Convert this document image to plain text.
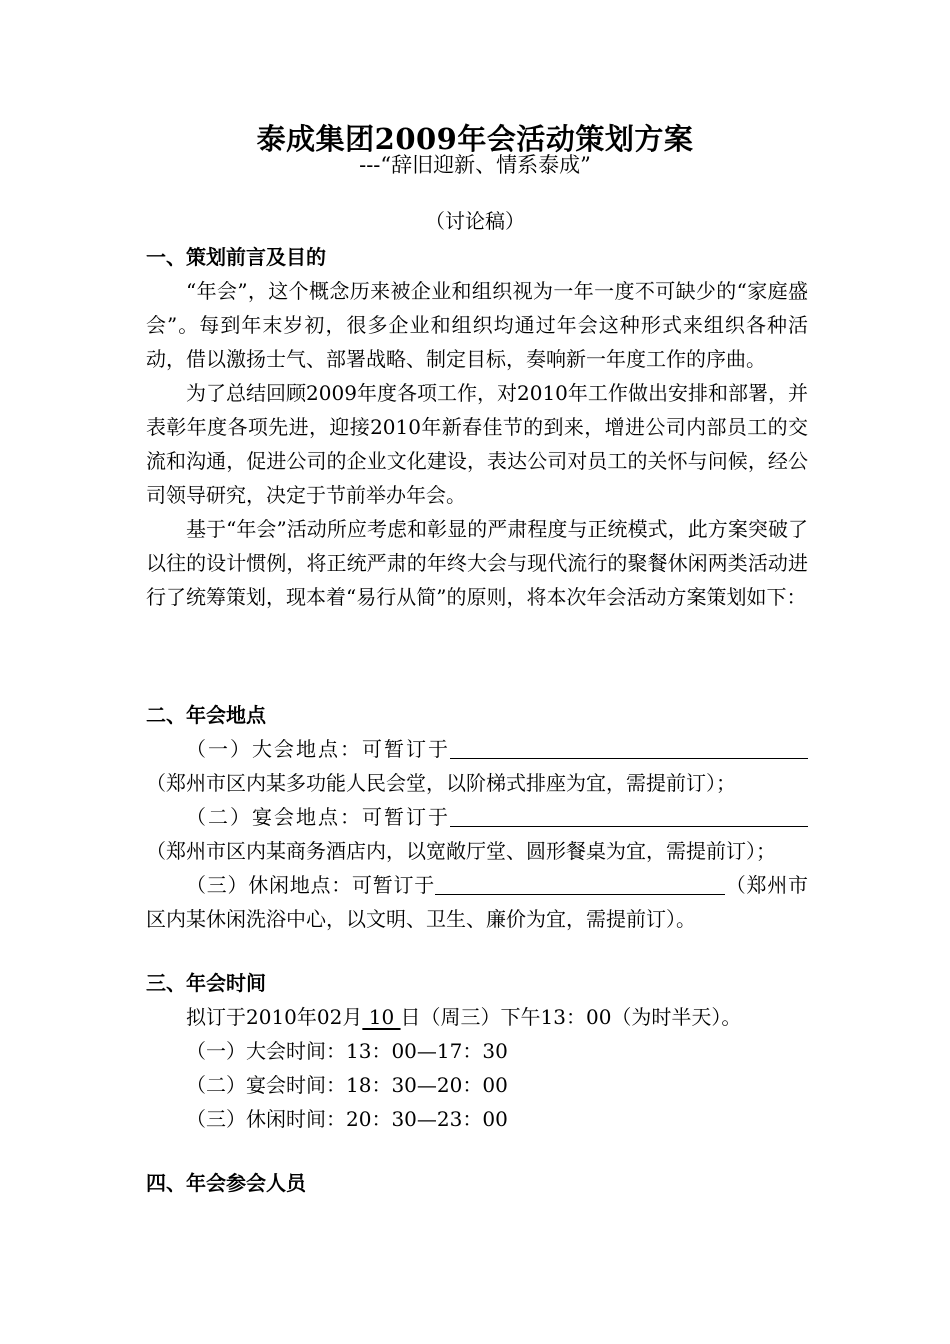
泰成集团2009年会活动策划方案
---“辞旧迎新、情系泰成”
（讨论稿）
一、策划前言及目的

“年会”，这个概念历来被企业和组织视为一年一度不可缺少的“家庭盛会”。每到年末岁初，很多企业和组织均通过年会这种形式来组织各种活动，借以激扬士气、部署战略、制定目标，奏响新一年度工作的序曲。

为了总结回顾2009年度各项工作，对2010年工作做出安排和部署，并表彰年度各项先进，迎接2010年新春佳节的到来，增进公司内部员工的交流和沟通，促进公司的企业文化建设，表达公司对员工的关怀与问候，经公司领导研究，决定于节前举办年会。

基于“年会”活动所应考虑和彰显的严肃程度与正统模式，此方案突破了以往的设计惯例，将正统严肃的年终大会与现代流行的聚餐休闲两类活动进行了统筹策划，现本着“易行从简”的原则，将本次年会活动方案策划如下：

二、年会地点

（一）大会地点：可暂订于（郑州市区内某多功能人民会堂，以阶梯式排座为宜，需提前订）；

（二）宴会地点：可暂订于（郑州市区内某商务酒店内，以宽敞厅堂、圆形餐桌为宜，需提前订）；

（三）休闲地点：可暂订于	（郑州市区内某休闲洗浴中心，以文明、卫生、廉价为宜，需提前订）。

三、年会时间

拟订于2010年02月 10 日（周三）下午13：00（为时半天）。

（一）大会时间：13：00—17：30

（二）宴会时间：18：30—20：00

（三）休闲时间：20：30—23：00

四、年会参会人员
